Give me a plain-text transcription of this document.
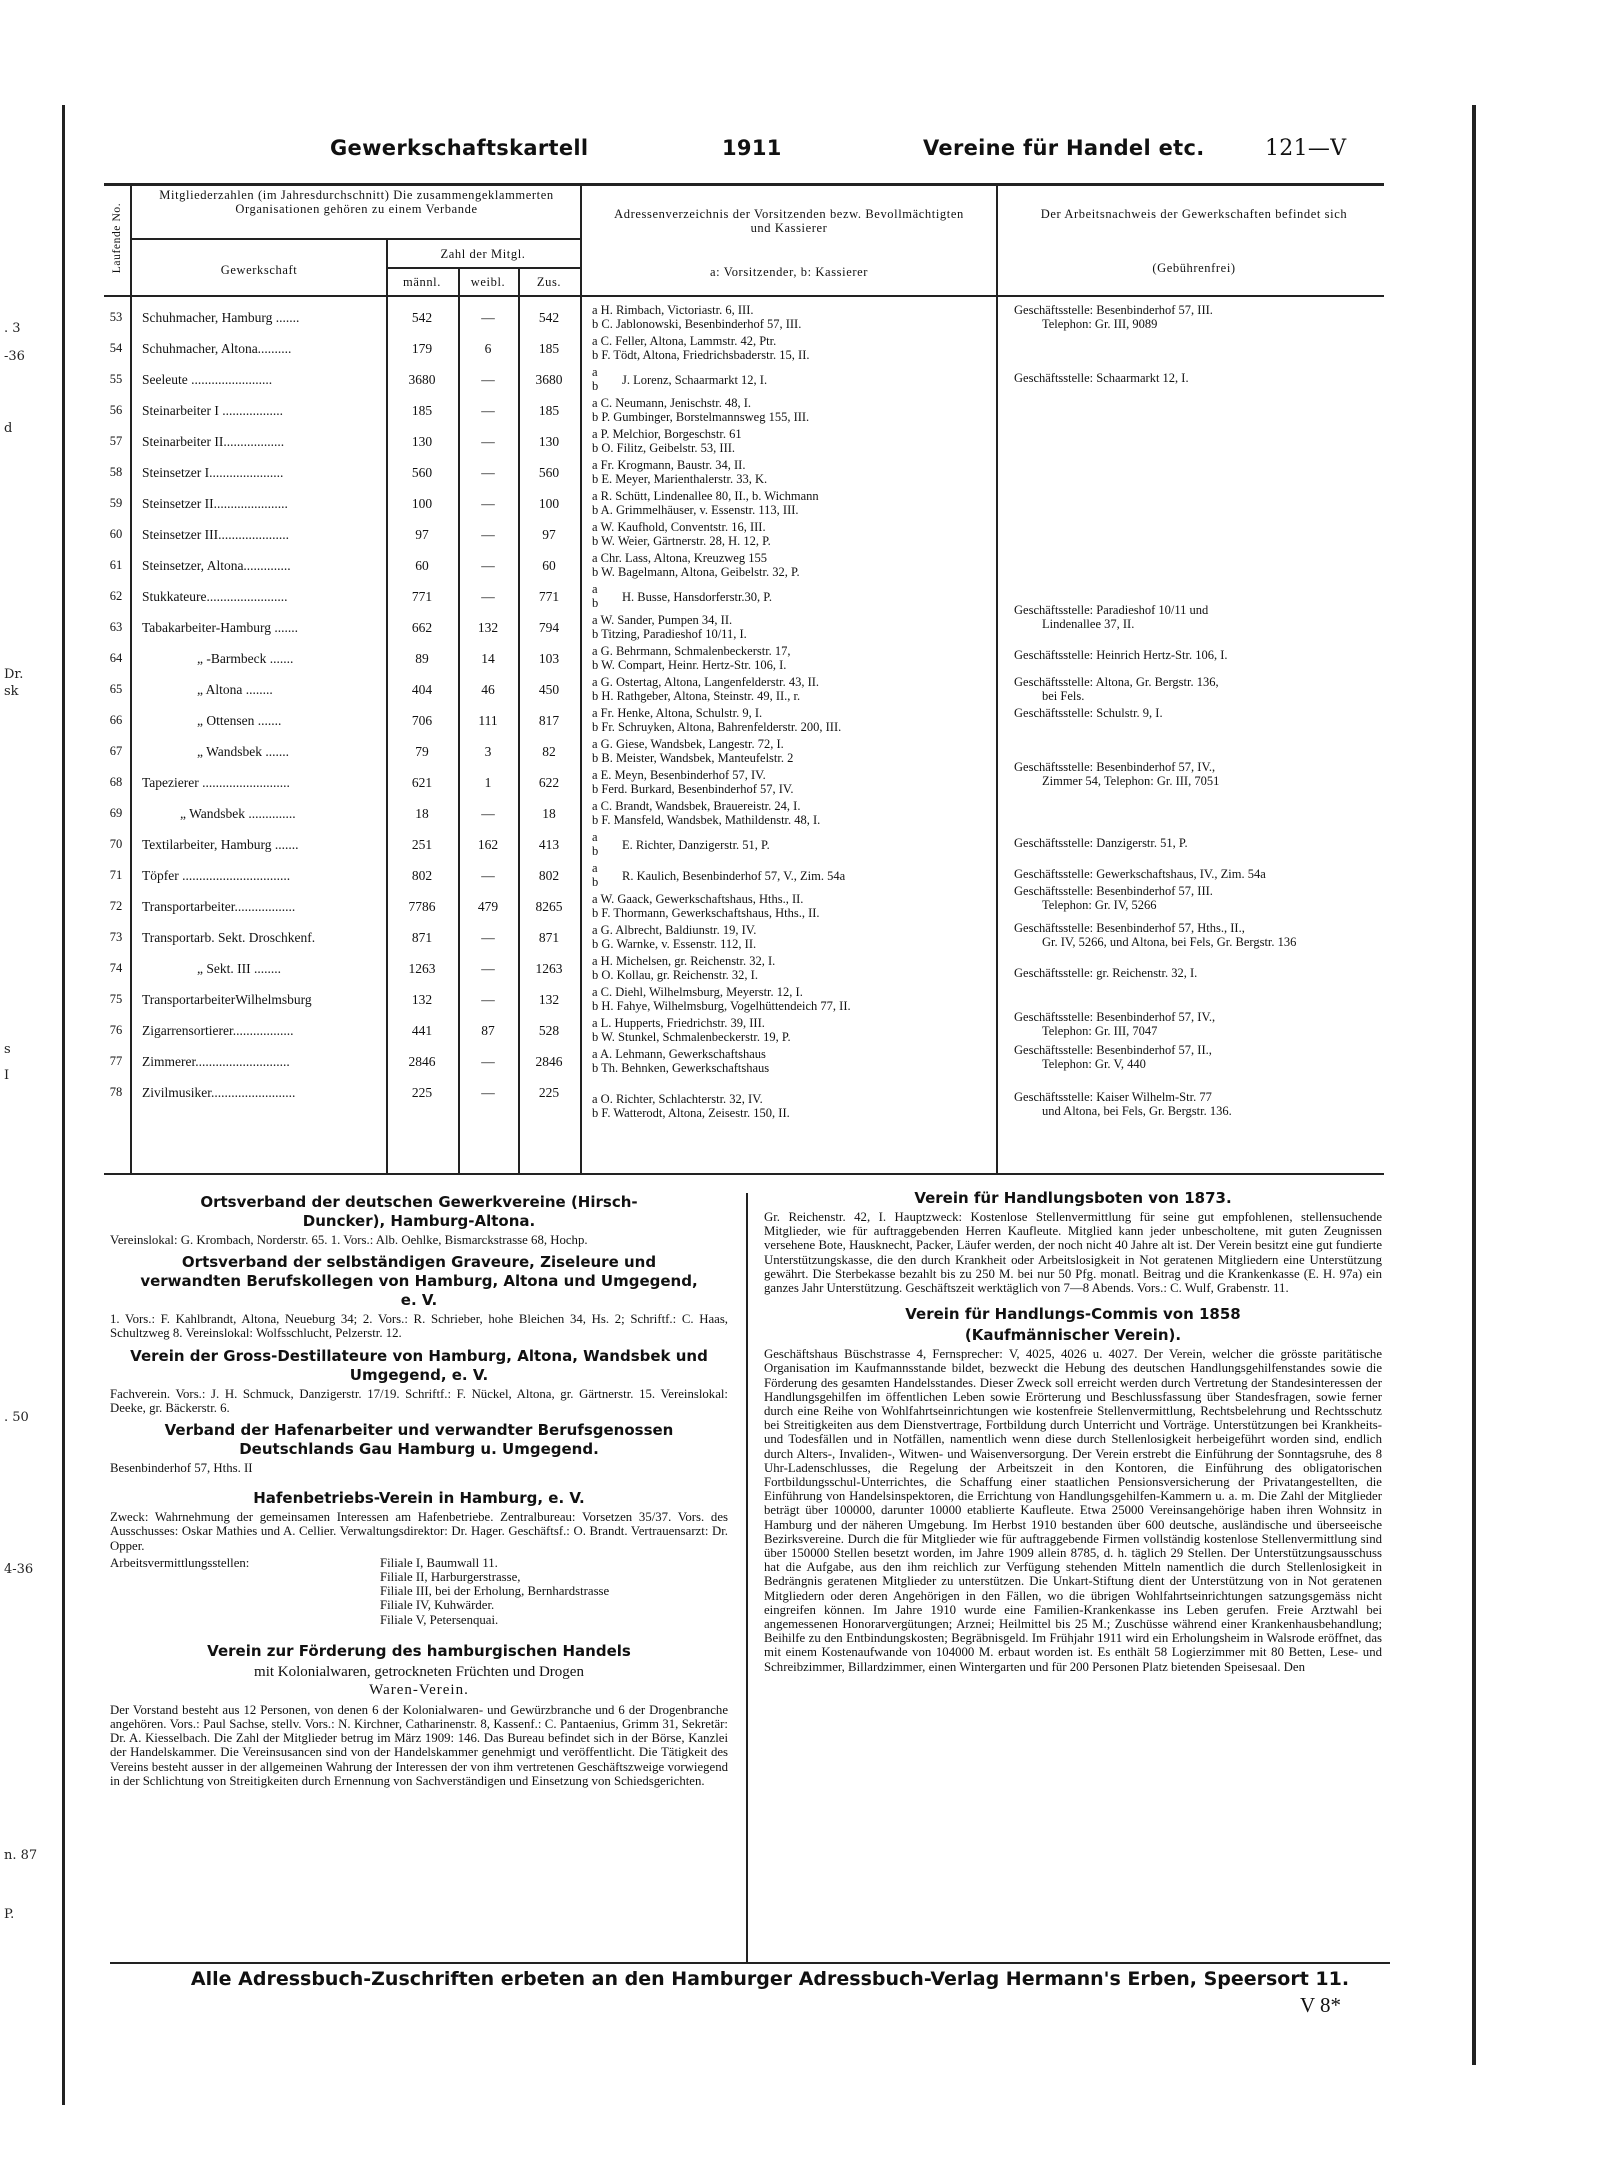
. 3
-36
d
Dr.
sk
. 50
4-36
s
I
n. 87
P.
Gewerkschaftskartell	1911	Vereine für Handel etc.	121—V
Laufende No.
Mitgliederzahlen (im Jahresdurchschnitt) Die zusammengeklammerten Organisationen gehören zu einem Verbande
Gewerkschaft
Zahl der Mitgl.
männl.	weibl.	Zus.
Adressenverzeichnis der Vorsitzenden bezw. Bevollmächtigten und Kassierer
a: Vorsitzender, b: Kassierer
Der Arbeitsnachweis der Gewerkschaften befindet sich
(Gebührenfrei)
53	Schuhmacher, Hamburg .......	542	—	542	a H. Rimbach, Victoriastr. 6, III.
b C. Jablonowski, Besenbinderhof 57, III.
Geschäftsstelle: Besenbinderhof 57, III.
Telephon: Gr. III, 9089
54	Schuhmacher, Altona..........	179	6	185	a C. Feller, Altona, Lammstr. 42, Ptr.
b F. Tödt, Altona, Friedrichsbaderstr. 15, II.
55	Seeleute ........................	3680	—	3680	a
b J. Lorenz, Schaarmarkt 12, I.	Geschäftsstelle: Schaarmarkt 12, I.
56	Steinarbeiter I ..................	185	—	185	a C. Neumann, Jenischstr. 48, I.
b P. Gumbinger, Borstelmannsweg 155, III.
57	Steinarbeiter II..................	130	—	130	a P. Melchior, Borgeschstr. 61
b O. Filitz, Geibelstr. 53, III.
58	Steinsetzer I......................	560	—	560	a Fr. Krogmann, Baustr. 34, II.
b E. Meyer, Marienthalerstr. 33, K.
59	Steinsetzer II......................	100	—	100	a R. Schütt, Lindenallee 80, II., b. Wichmann
b A. Grimmelhäuser, v. Essenstr. 113, III.
60	Steinsetzer III.....................	97	—	97	a W. Kaufhold, Conventstr. 16, III.
b W. Weier, Gärtnerstr. 28, H. 12, P.
61	Steinsetzer, Altona..............	60	—	60	a Chr. Lass, Altona, Kreuzweg 155
b W. Bagelmann, Altona, Geibelstr. 32, P.
62	Stukkateure........................	771	—	771	a
b H. Busse, Hansdorferstr.30, P.
63	Tabakarbeiter-Hamburg .......	662	132	794	a W. Sander, Pumpen 34, II.
b Titzing, Paradieshof 10/11, I.
Geschäftsstelle: Paradieshof 10/11 und
Lindenallee 37, II.
64	„ -Barmbeck .......	89	14	103	a G. Behrmann, Schmalenbeckerstr. 17,
b W. Compart, Heinr. Hertz-Str. 106, I.
Geschäftsstelle: Heinrich Hertz-Str. 106, I.
65	„ Altona ........	404	46	450	a G. Ostertag, Altona, Langenfelderstr. 43, II.
b H. Rathgeber, Altona, Steinstr. 49, II., r.
Geschäftsstelle: Altona, Gr. Bergstr. 136,
bei Fels.
66	„ Ottensen .......	706	111	817	a Fr. Henke, Altona, Schulstr. 9, I.
b Fr. Schruyken, Altona, Bahrenfelderstr. 200, III.
Geschäftsstelle: Schulstr. 9, I.
67	„ Wandsbek .......	79	3	82	a G. Giese, Wandsbek, Langestr. 72, I.
b B. Meister, Wandsbek, Manteufelstr. 2
68	Tapezierer ..........................	621	1	622	a E. Meyn, Besenbinderhof 57, IV.
b Ferd. Burkard, Besenbinderhof 57, IV.
Geschäftsstelle: Besenbinderhof 57, IV.,
Zimmer 54, Telephon: Gr. III, 7051
69	„ Wandsbek ..............	18	—	18	a C. Brandt, Wandsbek, Brauereistr. 24, I.
b F. Mansfeld, Wandsbek, Mathildenstr. 48, I.
70	Textilarbeiter, Hamburg .......	251	162	413	a
b E. Richter, Danzigerstr. 51, P.	Geschäftsstelle: Danzigerstr. 51, P.
71	Töpfer ................................	802	—	802	a
b R. Kaulich, Besenbinderhof 57, V., Zim. 54a	Geschäftsstelle: Gewerkschaftshaus, IV., Zim. 54a
72	Transportarbeiter..................	7786	479	8265	a W. Gaack, Gewerkschaftshaus, Hths., II.
b F. Thormann, Gewerkschaftshaus, Hths., II.
Geschäftsstelle: Besenbinderhof 57, III.
Telephon: Gr. IV, 5266
73	Transportarb. Sekt. Droschkenf.	871	—	871	a G. Albrecht, Baldiunstr. 19, IV.
b G. Warnke, v. Essenstr. 112, II.
Geschäftsstelle: Besenbinderhof 57, Hths., II.,
Gr. IV, 5266, und Altona, bei Fels, Gr. Bergstr. 136
74	„ Sekt. III ........	1263	—	1263	a H. Michelsen, gr. Reichenstr. 32, I.
b O. Kollau, gr. Reichenstr. 32, I.	Geschäftsstelle: gr. Reichenstr. 32, I.
75	TransportarbeiterWilhelmsburg	132	—	132	a C. Diehl, Wilhelmsburg, Meyerstr. 12, I.
b H. Fahye, Wilhelmsburg, Vogelhüttendeich 77, II.
76	Zigarrensortierer..................	441	87	528	a L. Hupperts, Friedrichstr. 39, III.
b W. Stunkel, Schmalenbeckerstr. 19, P.
Geschäftsstelle: Besenbinderhof 57, IV.,
Telephon: Gr. III, 7047
77	Zimmerer............................	2846	—	2846	a A. Lehmann, Gewerkschaftshaus
b Th. Behnken, Gewerkschaftshaus
Geschäftsstelle: Besenbinderhof 57, II.,
Telephon: Gr. V, 440
78	Zivilmusiker.........................	225	—	225	a O. Richter, Schlachterstr. 32, IV.
b F. Watterodt, Altona, Zeisestr. 150, II.
Geschäftsstelle: Kaiser Wilhelm-Str. 77
und Altona, bei Fels, Gr. Bergstr. 136.
Ortsverband der deutschen Gewerkvereine (Hirsch-Duncker), Hamburg-Altona.
Vereinslokal: G. Krombach, Norderstr. 65. 1. Vors.: Alb. Oehlke, Bismarckstrasse 68, Hochp.
Ortsverband der selbständigen Graveure, Ziseleure und verwandten Berufskollegen von Hamburg, Altona und Umgegend, e. V.
1. Vors.: F. Kahlbrandt, Altona, Neueburg 34; 2. Vors.: R. Schrieber, hohe Bleichen 34, Hs. 2; Schriftf.: C. Haas, Schultzweg 8. Vereinslokal: Wolfsschlucht, Pelzerstr. 12.
Verein der Gross-Destillateure von Hamburg, Altona, Wandsbek und Umgegend, e. V.
Fachverein. Vors.: J. H. Schmuck, Danzigerstr. 17/19. Schriftf.: F. Nückel, Altona, gr. Gärtnerstr. 15. Vereinslokal: Deeke, gr. Bäckerstr. 6.
Verband der Hafenarbeiter und verwandter Berufsgenossen Deutschlands Gau Hamburg u. Umgegend.
Besenbinderhof 57, Hths. II
Hafenbetriebs-Verein in Hamburg, e. V.
Zweck: Wahrnehmung der gemeinsamen Interessen am Hafenbetriebe. Zentralbureau: Vorsetzen 35/37. Vors. des Ausschusses: Oskar Mathies und A. Cellier. Verwaltungsdirektor: Dr. Hager. Geschäftsf.: O. Brandt. Vertrauensarzt: Dr. Opper.
Arbeitsvermittlungsstellen:	Filiale I, Baumwall 11.
Filiale II, Harburgerstrasse,
Filiale III, bei der Erholung, Bernhardstrasse
Filiale IV, Kuhwärder.
Filiale V, Petersenquai.
Verein zur Förderung des hamburgischen Handels
mit Kolonialwaren, getrockneten Früchten und Drogen
Waren-Verein.
Der Vorstand besteht aus 12 Personen, von denen 6 der Kolonialwaren- und Gewürzbranche und 6 der Drogenbranche angehören. Vors.: Paul Sachse, stellv. Vors.: N. Kirchner, Catharinenstr. 8, Kassenf.: C. Pantaenius, Grimm 31, Sekretär: Dr. A. Kiesselbach. Die Zahl der Mitglieder betrug im März 1909: 146. Das Bureau befindet sich in der Börse, Kanzlei der Handelskammer. Die Vereinsusancen sind von der Handelskammer genehmigt und veröffentlicht. Die Tätigkeit des Vereins besteht ausser in der allgemeinen Wahrung der Interessen der von ihm vertretenen Geschäftszweige vorwiegend in der Schlichtung von Streitigkeiten durch Ernennung von Sachverständigen und Einsetzung von Schiedsgerichten.
Verein für Handlungsboten von 1873.
Gr. Reichenstr. 42, I. Hauptzweck: Kostenlose Stellenvermittlung für seine gut empfohlenen, stellensuchende Mitglieder, wie für auftraggebenden Herren Kaufleute. Mitglied kann jeder unbescholtene, mit guten Zeugnissen versehene Bote, Hausknecht, Packer, Läufer werden, der noch nicht 40 Jahre alt ist. Der Verein besitzt eine gut fundierte Unterstützungskasse, die den durch Krankheit oder Arbeitslosigkeit in Not geratenen Mitgliedern eine Unterstützung gewährt. Die Sterbekasse bezahlt bis zu 250 M. bei nur 50 Pfg. monatl. Beitrag und die Krankenkasse (E. H. 97a) ein ganzes Jahr Unterstützung. Geschäftszeit werktäglich von 7—8 Abends. Vors.: C. Wulf, Grabenstr. 11.
Verein für Handlungs-Commis von 1858
(Kaufmännischer Verein).
Geschäftshaus Büschstrasse 4, Fernsprecher: V, 4025, 4026 u. 4027. Der Verein, welcher die grösste paritätische Organisation im Kaufmannsstande bildet, bezweckt die Hebung des deutschen Handlungsgehilfenstandes sowie die Förderung des gesamten Handelsstandes. Dieser Zweck soll erreicht werden durch Vertretung der Standesinteressen der Handlungsgehilfen im öffentlichen Leben sowie Erörterung und Beschlussfassung über Standesfragen, sowie ferner durch eine Reihe von Wohlfahrtseinrichtungen wie kostenfreie Stellenvermittlung, Rechtsbelehrung und Rechtsschutz bei Streitigkeiten aus dem Dienstvertrage, Fortbildung durch Unterricht und Vorträge. Unterstützungen bei Krankheits- und Todesfällen und in Notfällen, namentlich wenn diese durch Stellenlosigkeit herbeigeführt worden sind, endlich durch Alters-, Invaliden-, Witwen- und Waisenversorgung. Der Verein erstrebt die Einführung der Sonntagsruhe, des 8 Uhr-Ladenschlusses, die Regelung der Arbeitszeit in den Kontoren, die Einführung des obligatorischen Fortbildungsschul-Unterrichtes, die Schaffung einer staatlichen Pensionsversicherung der Privatangestellten, die Einführung von Handelsinspektoren, die Errichtung von Handlungsgehilfen-Kammern u. a. m. Die Zahl der Mitglieder beträgt über 100000, darunter 10000 etablierte Kaufleute. Etwa 25000 Vereinsangehörige haben ihren Wohnsitz in Hamburg und der näheren Umgebung. Im Herbst 1910 bestanden über 600 deutsche, ausländische und überseeische Bezirksvereine. Durch die für Mitglieder wie für auftraggebende Firmen vollständig kostenlose Stellenvermittlung sind über 150000 Stellen besetzt worden, im Jahre 1909 allein 8785, d. h. täglich 29 Stellen. Der Unterstützungsausschuss hat die Aufgabe, aus den ihm reichlich zur Verfügung stehenden Mitteln namentlich die durch Stellenlosigkeit in Bedrängnis geratenen Mitglieder zu unterstützen. Die Unkart-Stiftung dient der Unterstützung von in Not geratenen Mitgliedern oder deren Angehörigen in den Fällen, wo die übrigen Wohlfahrtseinrichtungen satzungsgemäss nicht eingreifen können. Im Jahre 1910 wurde eine Familien-Krankenkasse ins Leben gerufen. Freie Arztwahl bei angemessenen Honorarvergütungen; Arznei; Heilmittel bis 25 M.; Zuschüsse während einer Krankenhausbehandlung; Beihilfe zu den Entbindungskosten; Begräbnisgeld. Im Frühjahr 1911 wird ein Erholungsheim in Walsrode eröffnet, das mit einem Kostenaufwande von 104000 M. erbaut worden ist. Es enthält 58 Logierzimmer mit 80 Betten, Lese- und Schreibzimmer, Billardzimmer, einen Wintergarten und für 200 Personen Platz bietenden Speisesaal. Den
Alle Adressbuch-Zuschriften erbeten an den Hamburger Adressbuch-Verlag Hermann's Erben, Speersort 11.
V 8*
